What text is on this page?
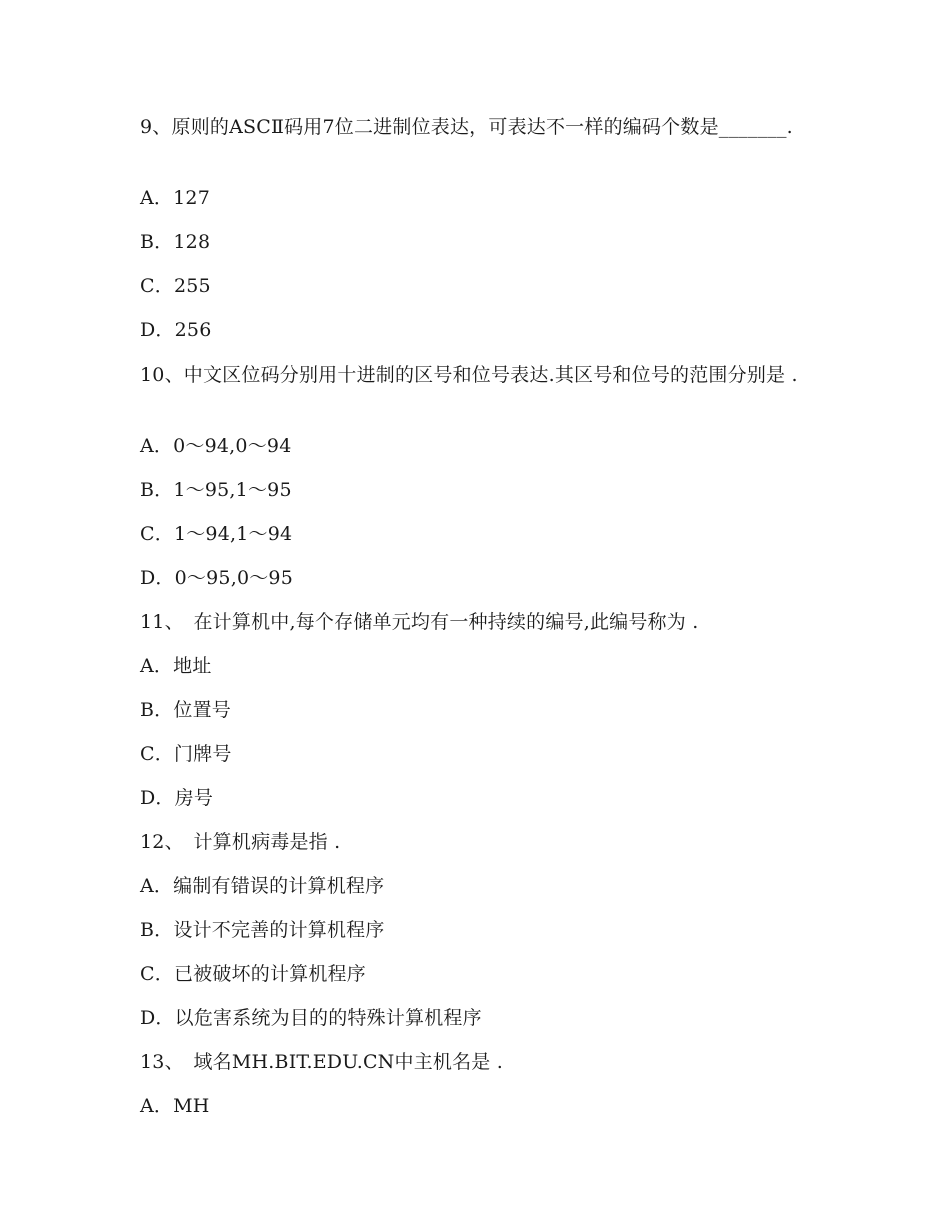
9、原则的ASCⅡ码用7位二进制位表达，可表达不一样的编码个数是_______.
A．127
B．128
C．255
D．256
10、中文区位码分别用十进制的区号和位号表达.其区号和位号的范围分别是 .
A．0～94,0～94
B．1～95,1～95
C．1～94,1～94
D．0～95,0～95
11、　在计算机中,每个存储单元均有一种持续的编号,此编号称为 .
A．地址
B．位置号
C．门牌号
D．房号
12、　计算机病毒是指 .
A．编制有错误的计算机程序
B．设计不完善的计算机程序
C．已被破坏的计算机程序
D．以危害系统为目的的特殊计算机程序
13、　域名MH.BIT.EDU.CN中主机名是 .
A．MH
